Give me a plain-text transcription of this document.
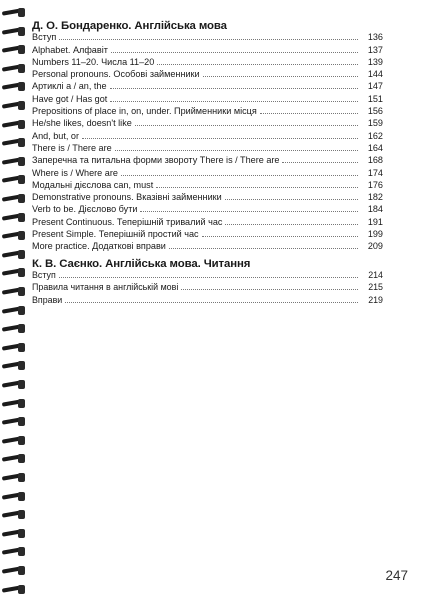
Д. О. Бондаренко. Англійська мова
Вступ	136
Alphabet. Алфавіт	137
Numbers 11–20. Числа 11–20	139
Personal pronouns. Особові займенники	144
Артиклі a / an, the	147
Have got / Has got	151
Prepositions of place in, on, under. Прийменники місця	156
He/she likes, doesn't like	159
And, but, or	162
There is / There are	164
Заперечна та питальна форми звороту There is / There are	168
Where is / Where are	174
Модальні дієслова can, must	176
Demonstrative pronouns. Вказівні займенники	182
Verb to be. Дієслово бути	184
Present Continuous. Теперішній тривалий час	191
Present Simple. Теперішній простий час	199
More practice. Додаткові вправи	209
К. В. Саєнко. Англійська мова. Читання
Вступ	214
Правила читання в англійській мові	215
Вправи	219
247
